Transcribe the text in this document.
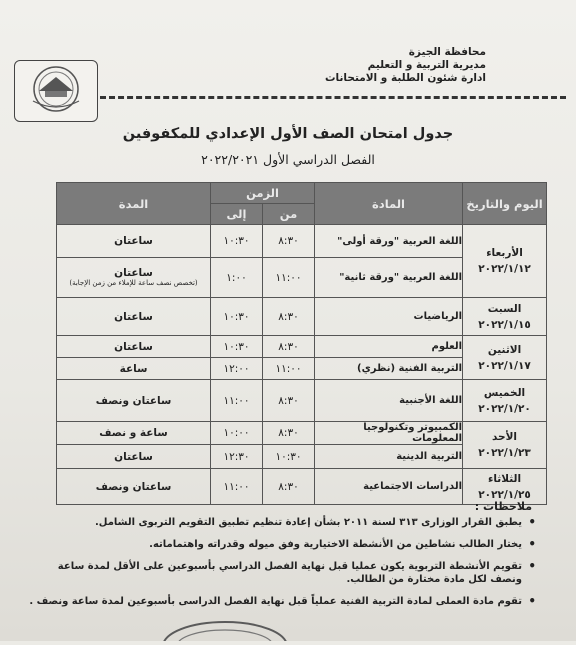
محافظة الجيزة
مديرية التربية و التعليم
ادارة شئون الطلبة و الامتحانات
جدول امتحان الصف الأول الإعدادي للمكفوفين
الفصل الدراسي الأول ٢٠٢٢/٢٠٢١
اليوم والتاريخ	المادة	الزمن		المدة
		من	إلى	

الأربعاء
٢٠٢٢/١/١٢	اللغة العربية "ورقة أولى"	٨:٣٠	١٠:٣٠	ساعتان
	اللغة العربية "ورقة ثانية"	١١:٠٠	١:٠٠	ساعتان
(تخصص نصف ساعة للإملاء من زمن الإجابة)

السبت
٢٠٢٢/١/١٥	الرياضيات	٨:٣٠	١٠:٣٠	ساعتان

الاثنين
٢٠٢٢/١/١٧	العلوم	٨:٣٠	١٠:٣٠	ساعتان
	التربية الفنية (نظري)	١١:٠٠	١٢:٠٠	ساعة

الخميس
٢٠٢٢/١/٢٠	اللغة الأجنبية	٨:٣٠	١١:٠٠	ساعتان ونصف

الأحد
٢٠٢٢/١/٢٣	الكمبيوتر وتكنولوجيا المعلومات	٨:٣٠	١٠:٠٠	ساعة و نصف
	التربية الدينية	١٠:٣٠	١٢:٣٠	ساعتان

الثلاثاء
٢٠٢٢/١/٢٥	الدراسات الاجتماعية	٨:٣٠	١١:٠٠	ساعتان ونصف
ملاحظات :
• يطبق القرار الوزارى ٣١٣ لسنة ٢٠١١ بشأن إعادة تنظيم تطبيق التقويم التربوى الشامل.
• يختار الطالب نشاطين من الأنشطة الاختيارية وفق ميوله وقدراته واهتماماته.
• تقويم الأنشطة التربوية يكون عمليا قبل نهاية الفصل الدراسي بأسبوعين على الأقل لمدة ساعة ونصف لكل مادة مختارة من الطالب.
• تقوم مادة العملى لمادة التربية الفنية عملياً قبل نهاية الفصل الدراسى بأسبوعين لمدة ساعة ونصف .
